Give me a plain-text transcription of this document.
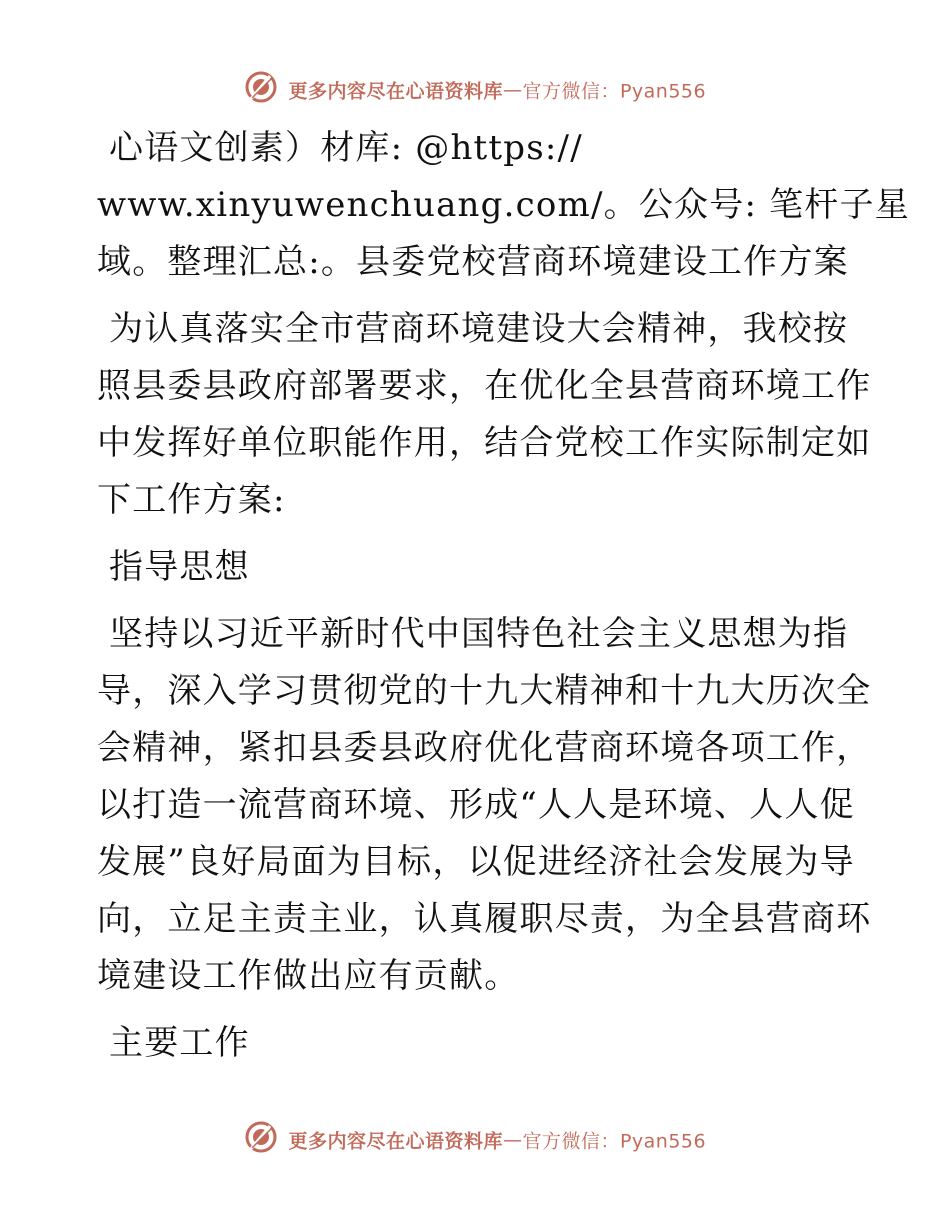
更多内容尽在心语资料库—官方微信：Pyan556
心语文创素）材库: @https://
www.xinyuwenchuang.com/。公众号: 笔杆子星
域。整理汇总:。县委党校营商环境建设工作方案
为认真落实全市营商环境建设大会精神，我校按
照县委县政府部署要求，在优化全县营商环境工作
中发挥好单位职能作用，结合党校工作实际制定如
下工作方案:
指导思想
坚持以习近平新时代中国特色社会主义思想为指
导，深入学习贯彻党的十九大精神和十九大历次全
会精神，紧扣县委县政府优化营商环境各项工作，
以打造一流营商环境、形成“人人是环境、人人促
发展”良好局面为目标，以促进经济社会发展为导
向，立足主责主业，认真履职尽责，为全县营商环
境建设工作做出应有贡献。
主要工作
更多内容尽在心语资料库—官方微信：Pyan556
